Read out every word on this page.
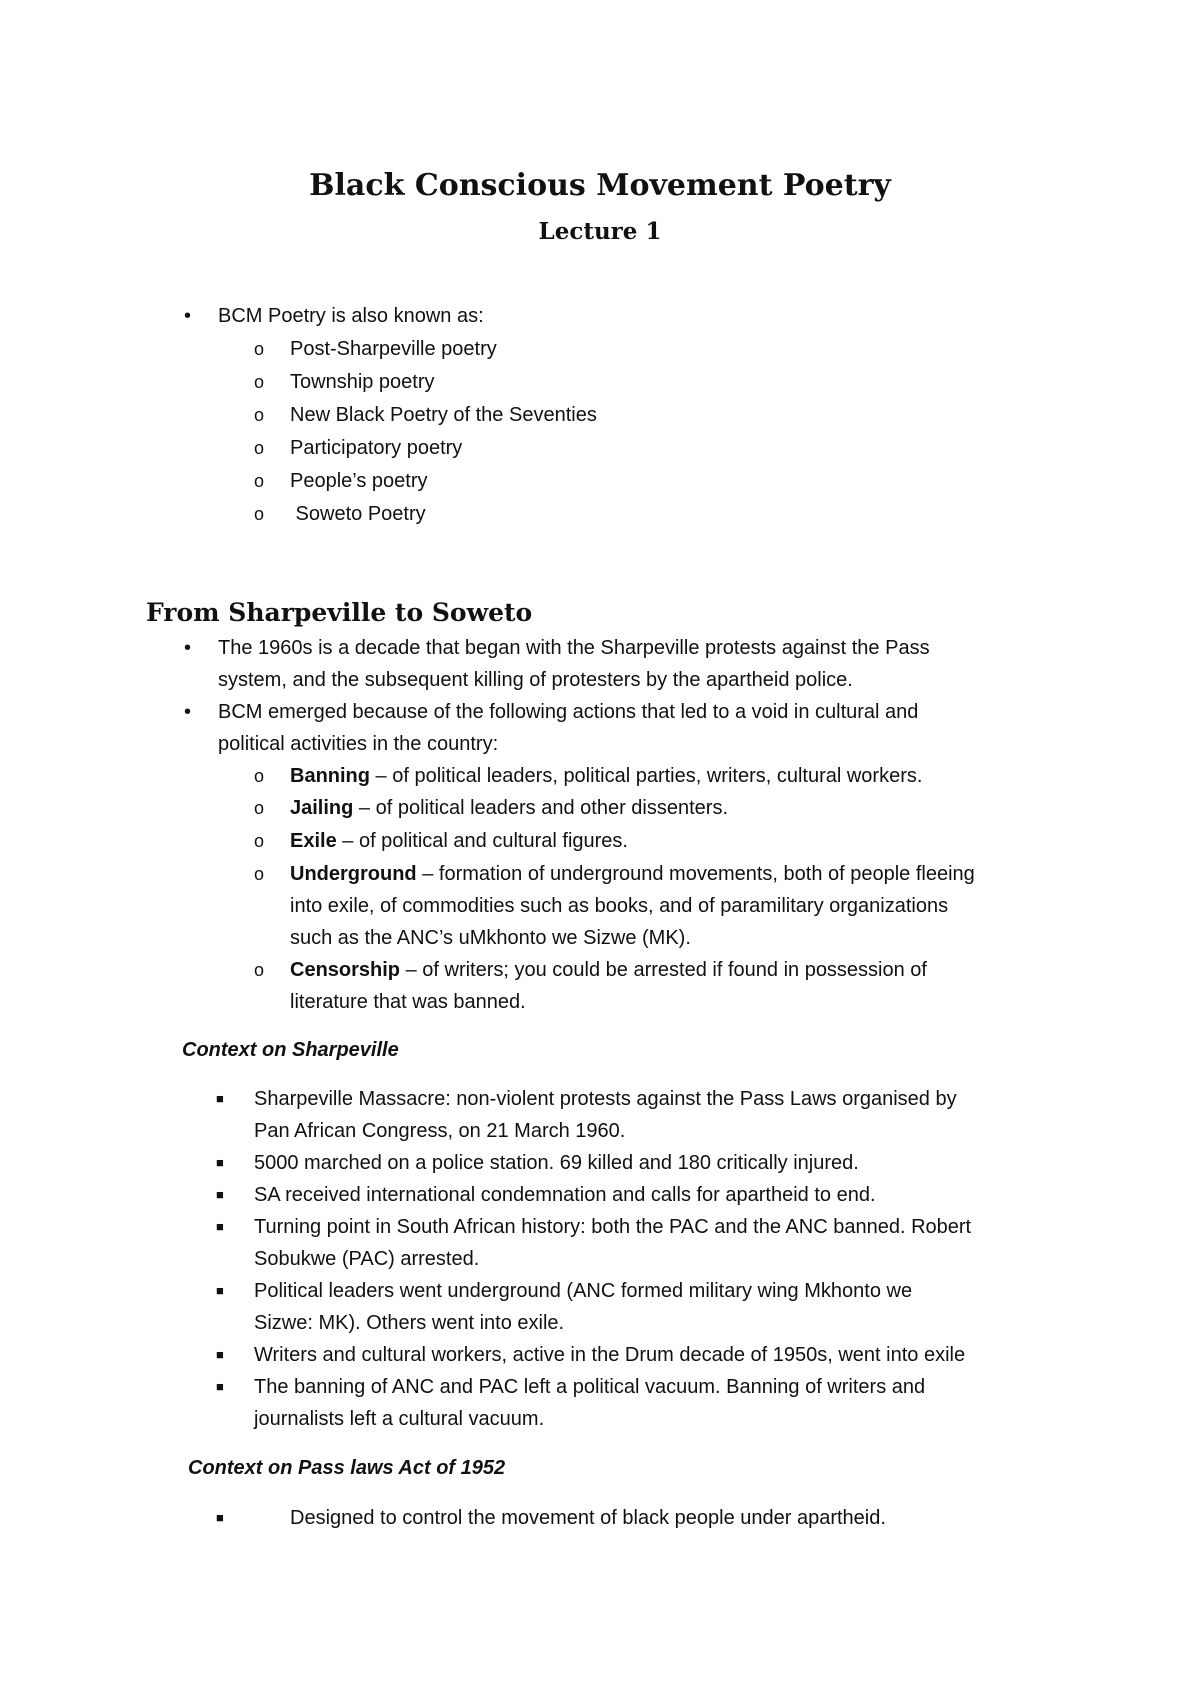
Black Conscious Movement Poetry
Lecture 1
• BCM Poetry is also known as:
o Post-Sharpeville poetry
o Township poetry
o New Black Poetry of the Seventies
o Participatory poetry
o People’s poetry
o Soweto Poetry
From Sharpeville to Soweto
• The 1960s is a decade that began with the Sharpeville protests against the Pass
system, and the subsequent killing of protesters by the apartheid police.
• BCM emerged because of the following actions that led to a void in cultural and
political activities in the country:
o Banning – of political leaders, political parties, writers, cultural workers.
o Jailing – of political leaders and other dissenters.
o Exile – of political and cultural figures.
o Underground – formation of underground movements, both of people fleeing
into exile, of commodities such as books, and of paramilitary organizations
such as the ANC’s uMkhonto we Sizwe (MK).
o Censorship – of writers; you could be arrested if found in possession of
literature that was banned.
Context on Sharpeville
■ Sharpeville Massacre: non-violent protests against the Pass Laws organised by
Pan African Congress, on 21 March 1960.
■ 5000 marched on a police station. 69 killed and 180 critically injured.
■ SA received international condemnation and calls for apartheid to end.
■ Turning point in South African history: both the PAC and the ANC banned. Robert
Sobukwe (PAC) arrested.
■ Political leaders went underground (ANC formed military wing Mkhonto we
Sizwe: MK). Others went into exile.
■ Writers and cultural workers, active in the Drum decade of 1950s, went into exile
■ The banning of ANC and PAC left a political vacuum. Banning of writers and
journalists left a cultural vacuum.
Context on Pass laws Act of 1952
■	Designed to control the movement of black people under apartheid.
